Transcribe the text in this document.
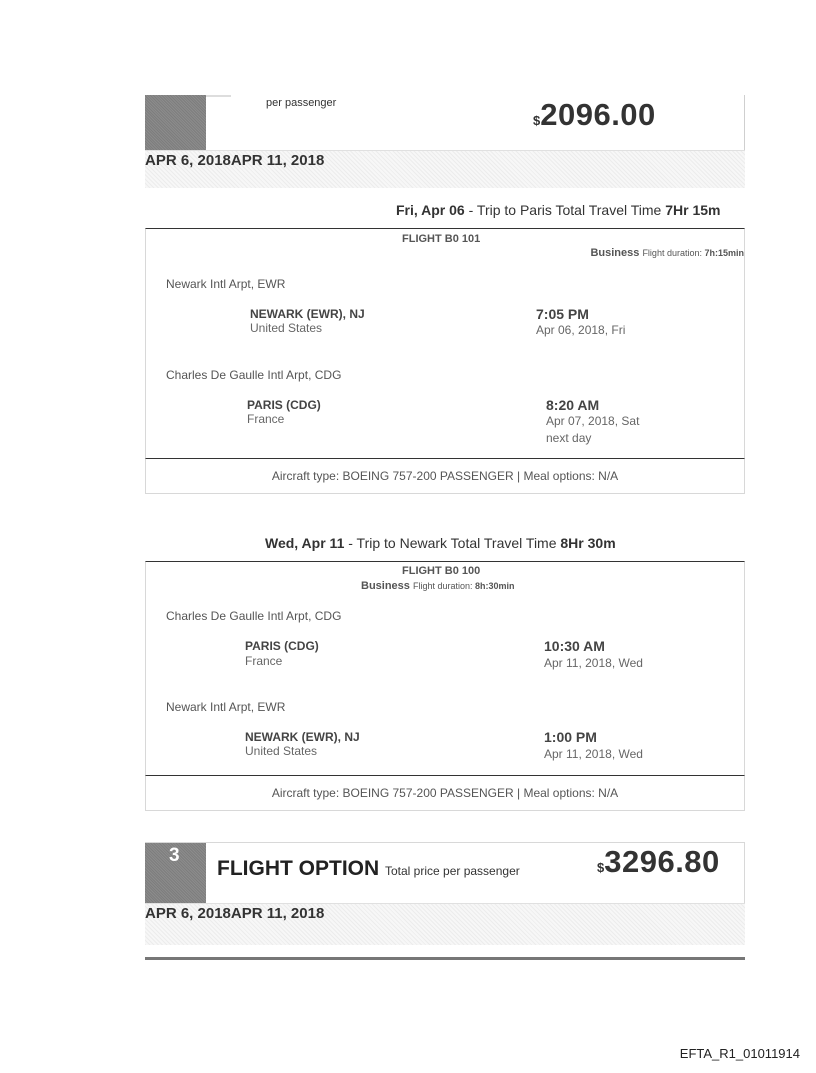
per passenger
$2096.00
APR 6, 2018APR 11, 2018
Fri, Apr 06 - Trip to Paris Total Travel Time 7Hr 15m
FLIGHT B0 101
Business Flight duration: 7h:15min
Newark Intl Arpt, EWR
NEWARK (EWR), NJ
United States
7:05 PM
Apr 06, 2018, Fri
Charles De Gaulle Intl Arpt, CDG
PARIS (CDG)
France
8:20 AM
Apr 07, 2018, Sat
next day
Aircraft type: BOEING 757-200 PASSENGER | Meal options: N/A
Wed, Apr 11 - Trip to Newark Total Travel Time 8Hr 30m
FLIGHT B0 100
Business Flight duration: 8h:30min
Charles De Gaulle Intl Arpt, CDG
PARIS (CDG)
France
10:30 AM
Apr 11, 2018, Wed
Newark Intl Arpt, EWR
NEWARK (EWR), NJ
United States
1:00 PM
Apr 11, 2018, Wed
Aircraft type: BOEING 757-200 PASSENGER | Meal options: N/A
3
FLIGHT OPTION Total price per passenger	$3296.80
APR 6, 2018APR 11, 2018
EFTA_R1_01011914
